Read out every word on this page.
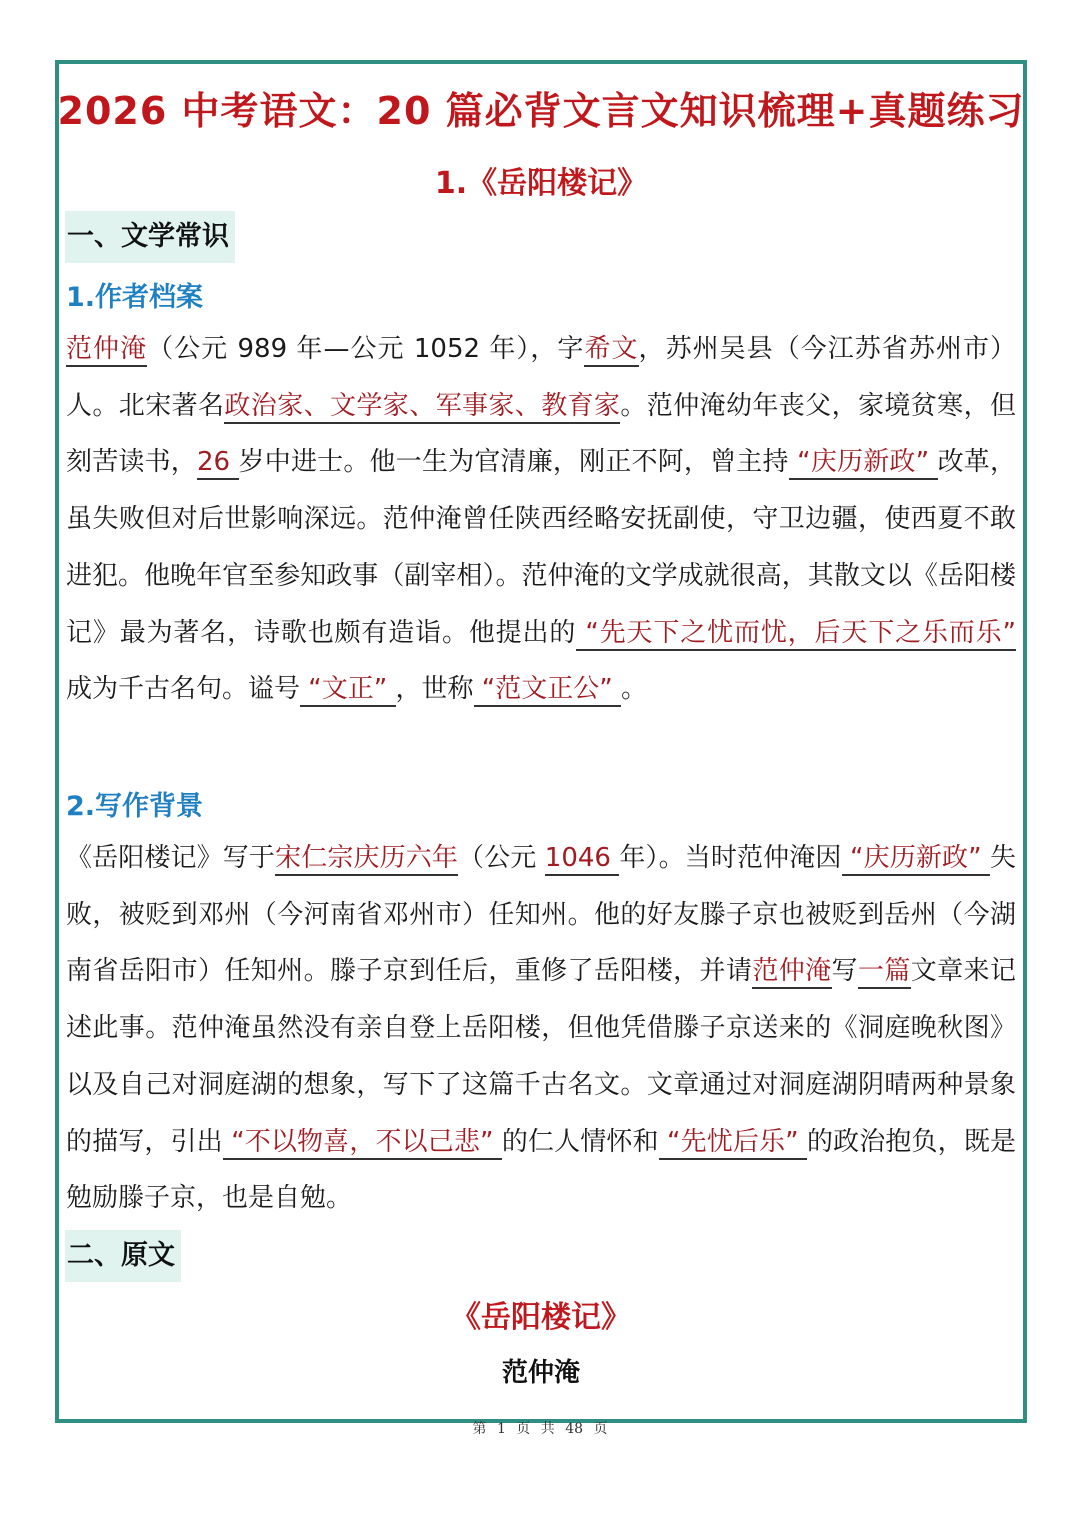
2026 中考语文：20 篇必背文言文知识梳理+真题练习
1.《岳阳楼记》
一、文学常识
1.作者档案
范仲淹（公元 989 年—公元 1052 年），字希文，苏州吴县（今江苏省苏州市）人。北宋著名政治家、文学家、军事家、教育家。范仲淹幼年丧父，家境贫寒，但刻苦读书，26 岁中进士。他一生为官清廉，刚正不阿，曾主持 “庆历新政” 改革，虽失败但对后世影响深远。范仲淹曾任陕西经略安抚副使，守卫边疆，使西夏不敢进犯。他晚年官至参知政事（副宰相）。范仲淹的文学成就很高，其散文以《岳阳楼记》最为著名，诗歌也颇有造诣。他提出的 “先天下之忧而忧，后天下之乐而乐” 成为千古名句。谥号 “文正” ，世称 “范文正公” 。
2.写作背景
《岳阳楼记》写于宋仁宗庆历六年（公元 1046 年）。当时范仲淹因 “庆历新政” 失败，被贬到邓州（今河南省邓州市）任知州。他的好友滕子京也被贬到岳州（今湖南省岳阳市）任知州。滕子京到任后，重修了岳阳楼，并请范仲淹写一篇文章来记述此事。范仲淹虽然没有亲自登上岳阳楼，但他凭借滕子京送来的《洞庭晚秋图》以及自己对洞庭湖的想象，写下了这篇千古名文。文章通过对洞庭湖阴晴两种景象的描写，引出 “不以物喜，不以己悲” 的仁人情怀和 “先忧后乐” 的政治抱负，既是勉励滕子京，也是自勉。
二、原文
《岳阳楼记》
范仲淹
第 1 页 共 48 页
